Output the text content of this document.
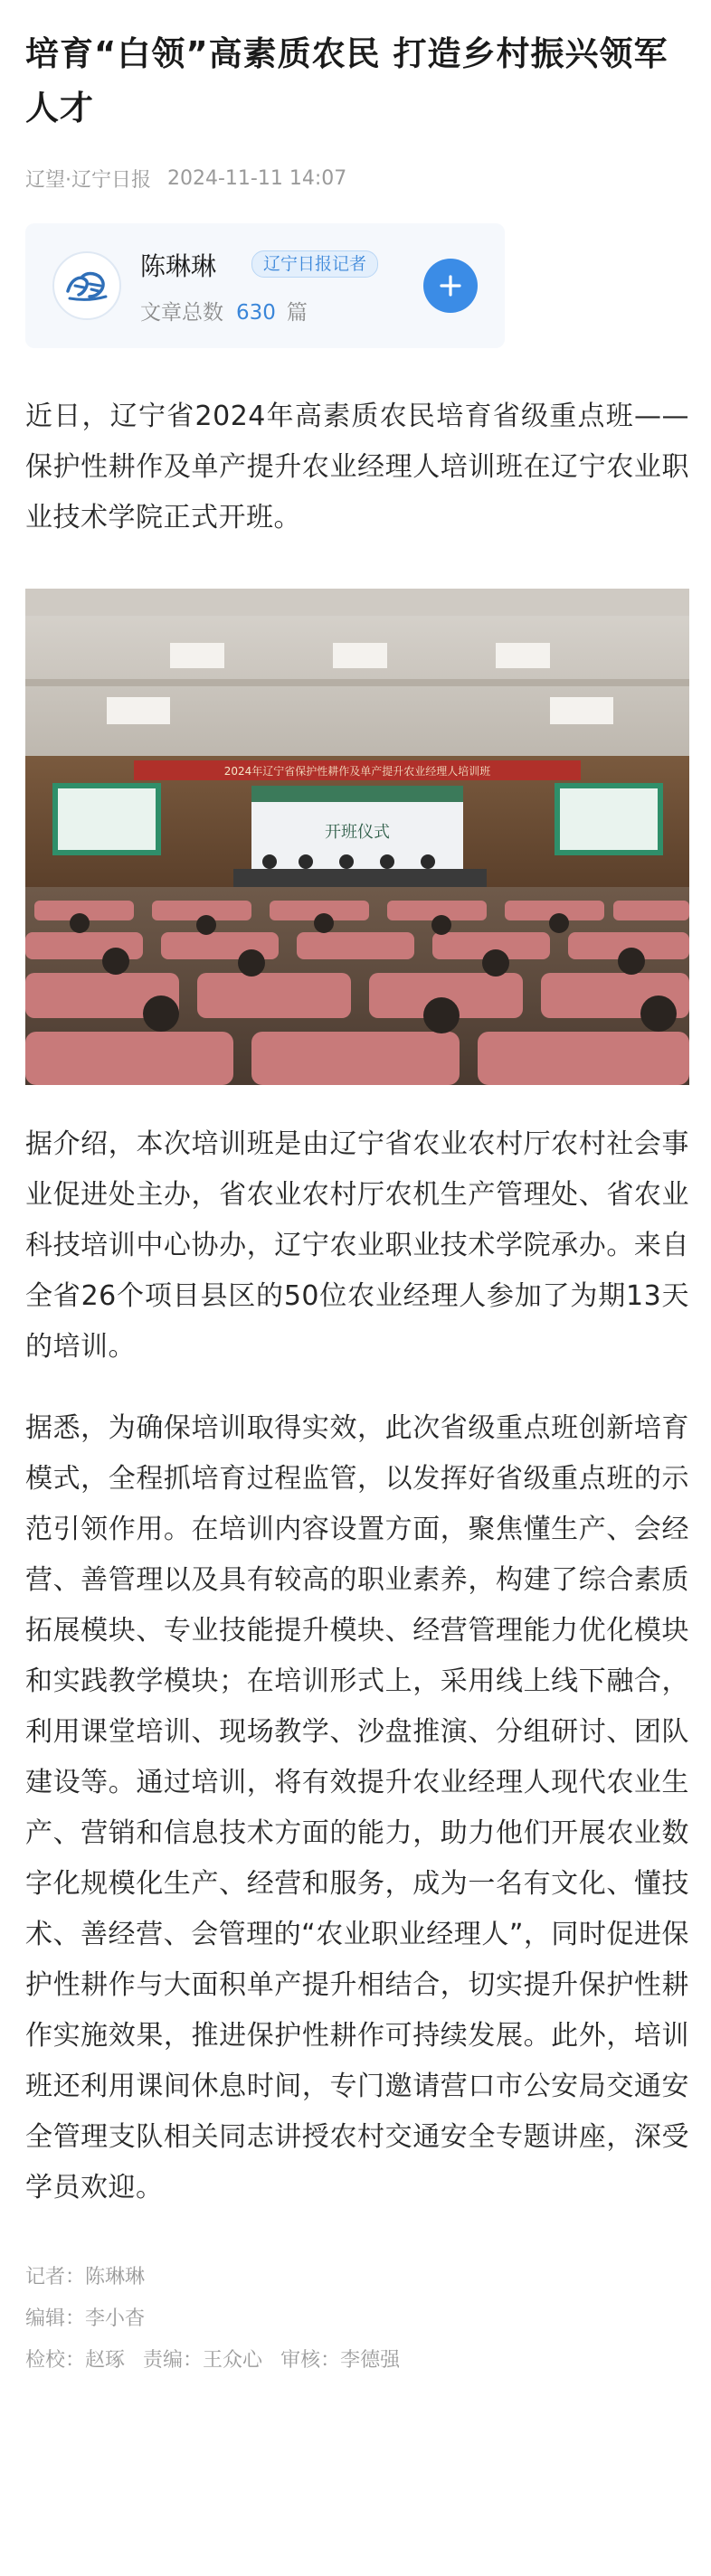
培育“白领”高素质农民 打造乡村振兴领军人才
辽望·辽宁日报 2024-11-11 14:07
陈琳琳	辽宁日报记者
文章总数 630 篇

近日，辽宁省2024年高素质农民培育省级重点班——保护性耕作及单产提升农业经理人培训班在辽宁农业职业技术学院正式开班。

2024年辽宁省保护性耕作及单产提升农业经理人培训班
开班仪式

据介绍，本次培训班是由辽宁省农业农村厅农村社会事业促进处主办，省农业农村厅农机生产管理处、省农业科技培训中心协办，辽宁农业职业技术学院承办。来自全省26个项目县区的50位农业经理人参加了为期13天的培训。

据悉，为确保培训取得实效，此次省级重点班创新培育模式，全程抓培育过程监管，以发挥好省级重点班的示范引领作用。在培训内容设置方面，聚焦懂生产、会经营、善管理以及具有较高的职业素养，构建了综合素质拓展模块、专业技能提升模块、经营管理能力优化模块和实践教学模块；在培训形式上，采用线上线下融合，利用课堂培训、现场教学、沙盘推演、分组研讨、团队建设等。通过培训，将有效提升农业经理人现代农业生产、营销和信息技术方面的能力，助力他们开展农业数字化规模化生产、经营和服务，成为一名有文化、懂技术、善经营、会管理的“农业职业经理人”，同时促进保护性耕作与大面积单产提升相结合，切实提升保护性耕作实施效果，推进保护性耕作可持续发展。此外，培训班还利用课间休息时间，专门邀请营口市公安局交通安全管理支队相关同志讲授农村交通安全专题讲座，深受学员欢迎。

记者：陈琳琳
编辑：李小杳
检校：赵琢 责编：王众心 审核：李德强
